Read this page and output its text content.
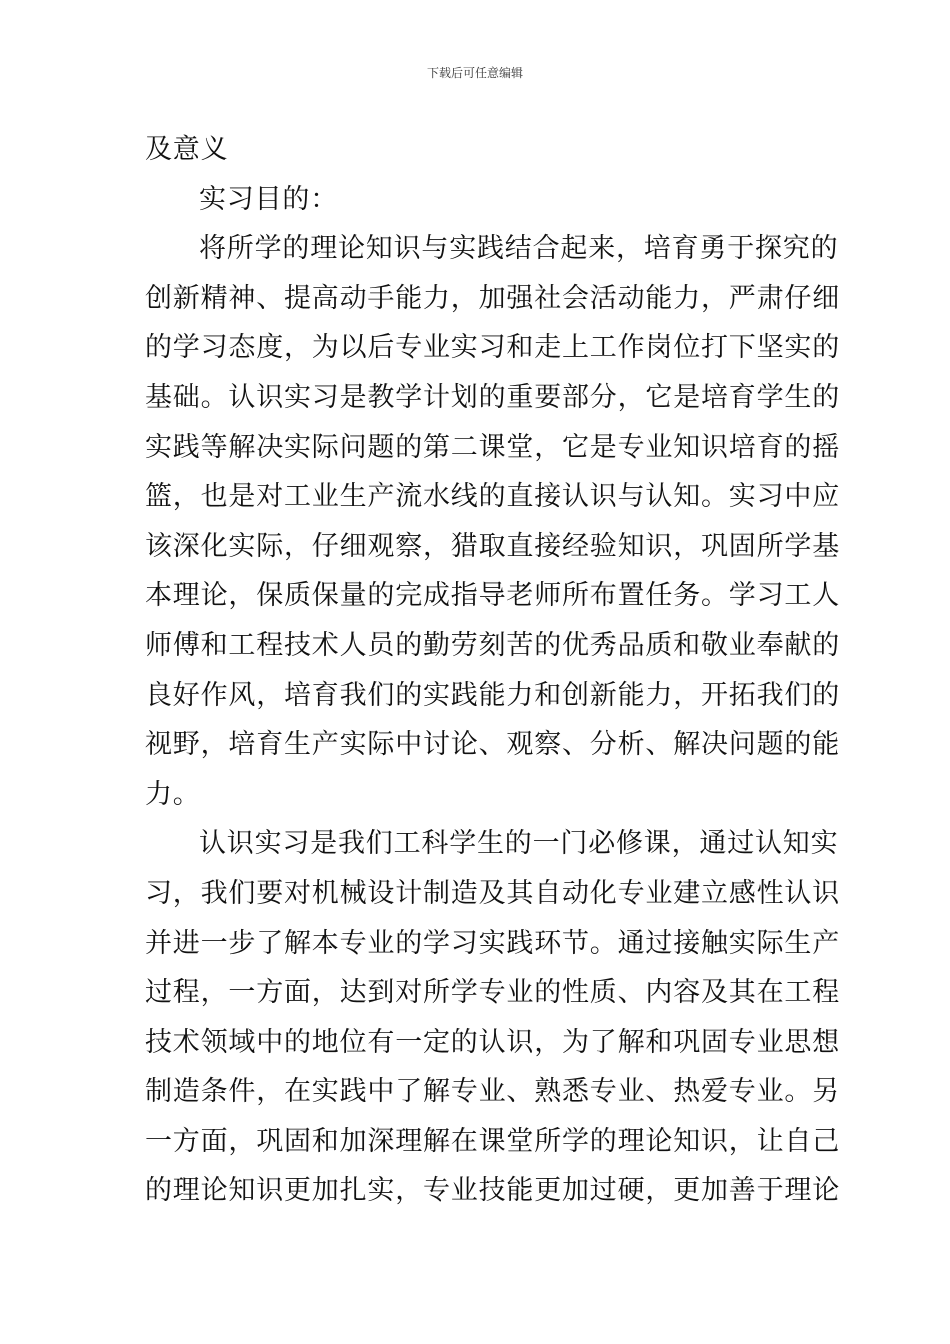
下载后可任意编辑
及意义
实习目的：
将所学的理论知识与实践结合起来，培育勇于探究的
创新精神、提高动手能力，加强社会活动能力，严肃仔细
的学习态度，为以后专业实习和走上工作岗位打下坚实的
基础。认识实习是教学计划的重要部分，它是培育学生的
实践等解决实际问题的第二课堂，它是专业知识培育的摇
篮，也是对工业生产流水线的直接认识与认知。实习中应
该深化实际，仔细观察，猎取直接经验知识，巩固所学基
本理论，保质保量的完成指导老师所布置任务。学习工人
师傅和工程技术人员的勤劳刻苦的优秀品质和敬业奉献的
良好作风，培育我们的实践能力和创新能力，开拓我们的
视野，培育生产实际中讨论、观察、分析、解决问题的能
力。
认识实习是我们工科学生的一门必修课，通过认知实
习，我们要对机械设计制造及其自动化专业建立感性认识
并进一步了解本专业的学习实践环节。通过接触实际生产
过程，一方面，达到对所学专业的性质、内容及其在工程
技术领域中的地位有一定的认识，为了解和巩固专业思想
制造条件，在实践中了解专业、熟悉专业、热爱专业。另
一方面，巩固和加深理解在课堂所学的理论知识，让自己
的理论知识更加扎实，专业技能更加过硬，更加善于理论
